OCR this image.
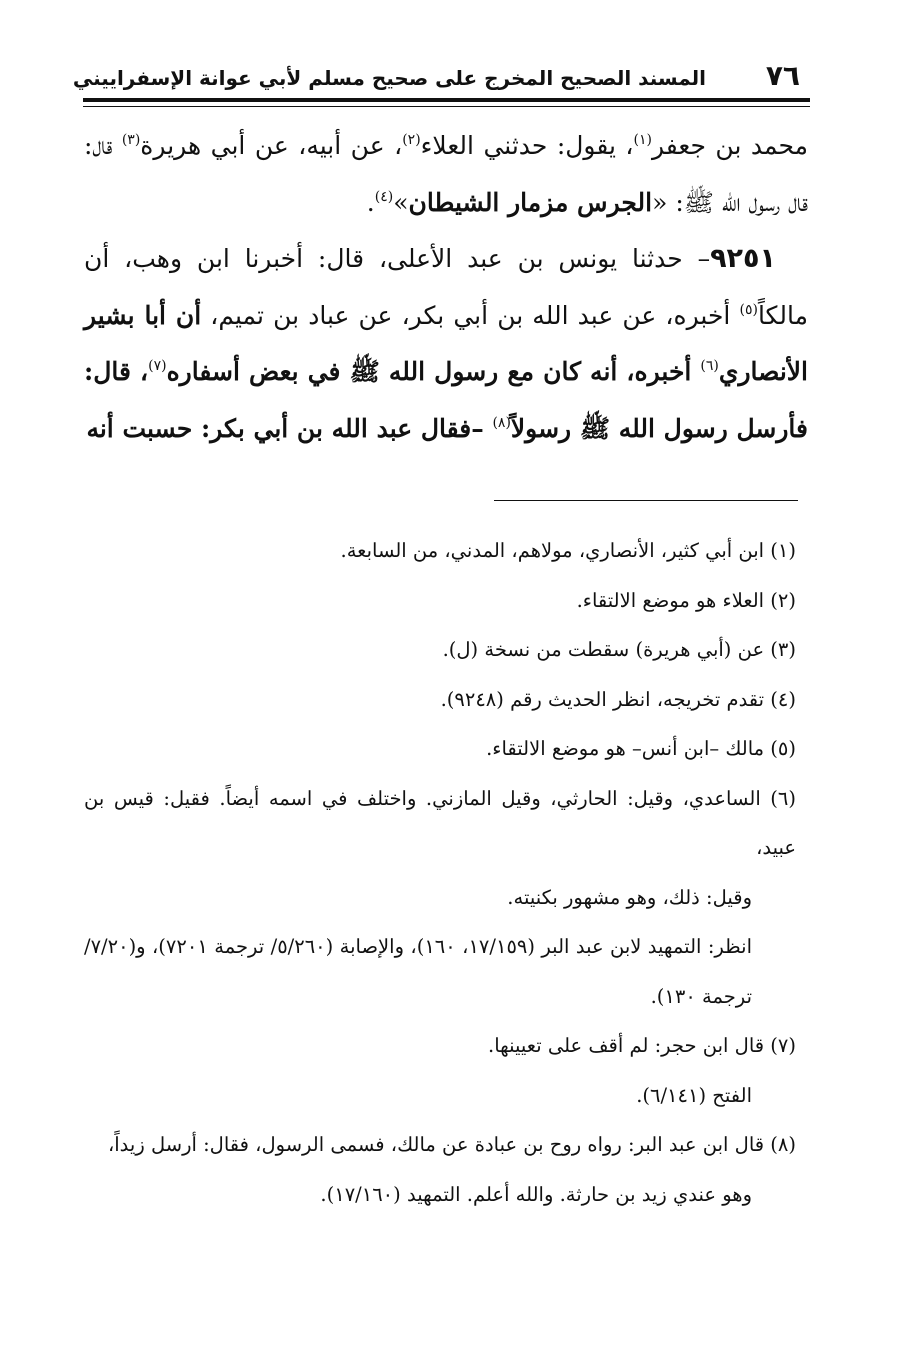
٧٦
المسند الصحيح المخرج على صحيح مسلم لأبي عوانة الإسفراييني

محمد بن جعفر$^{(١)}$، يقول: حدثني العلاء$^{(٢)}$، عن أبيه، عن أبي هريرة$^{(٣)}$ قال: قال رسول الله ﷺ: «الجرس مزمار الشيطان»$^{(٤)}$.

٩٢٥١– حدثنا يونس بن عبد الأعلى، قال: أخبرنا ابن وهب، أن مالكاً$^{(٥)}$ أخبره، عن عبد الله بن أبي بكر، عن عباد بن تميم، أن أبا بشير الأنصاري$^{(٦)}$ أخبره، أنه كان مع رسول الله ﷺ في بعض أسفاره$^{(٧)}$، قال: فأرسل رسول الله ﷺ رسولاً$^{(٨)}$ –فقال عبد الله بن أبي بكر: حسبت أنه

(١) ابن أبي كثير، الأنصاري، مولاهم، المدني، من السابعة.

(٢) العلاء هو موضع الالتقاء.

(٣) عن (أبي هريرة) سقطت من نسخة (ل).

(٤) تقدم تخريجه، انظر الحديث رقم (٩٢٤٨).

(٥) مالك –ابن أنس– هو موضع الالتقاء.

(٦) الساعدي، وقيل: الحارثي، وقيل المازني. واختلف في اسمه أيضاً. فقيل: قيس بن عبيد،
وقيل: ذلك، وهو مشهور بكنيته.

انظر: التمهيد لابن عبد البر (١٧/١٥٩، ١٦٠)، والإصابة (٥/٢٦٠/ ترجمة ٧٢٠١)، و(٧/٢٠/ ترجمة ١٣٠).

(٧) قال ابن حجر: لم أقف على تعيينها.

الفتح (٦/١٤١).

(٨) قال ابن عبد البر: رواه روح بن عبادة عن مالك، فسمى الرسول، فقال: أرسل زيداً،
وهو عندي زيد بن حارثة. والله أعلم. التمهيد (١٧/١٦٠).
